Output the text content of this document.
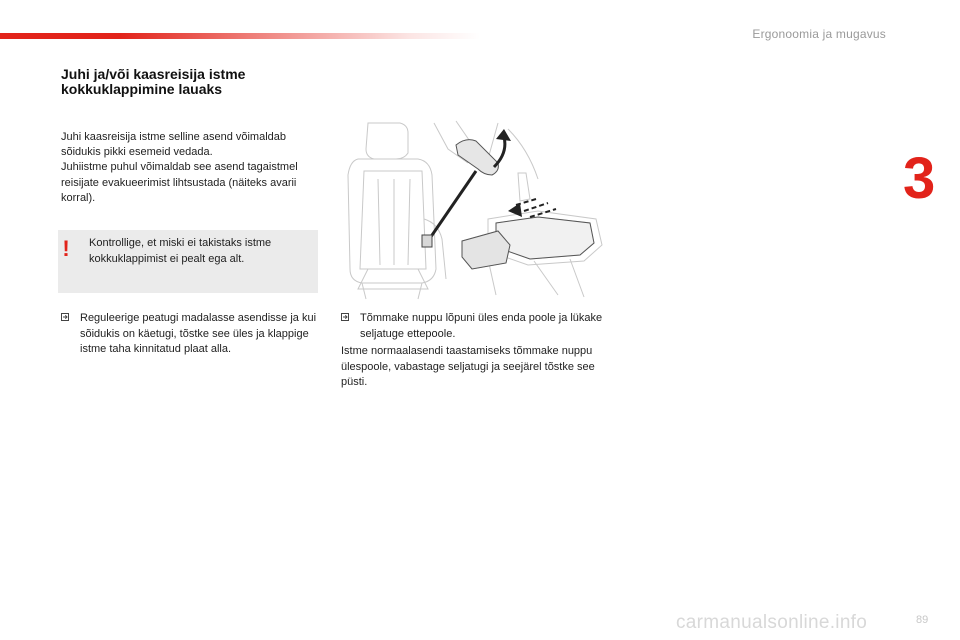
Ergonoomia ja mugavus
3
Juhi ja/või kaasreisija istme
kokkuklappimine lauaks

Juhi kaasreisija istme selline asend võimaldab sõidukis pikki esemeid vedada.

Juhiistme puhul võimaldab see asend tagaistmel reisijate evakueerimist lihtsustada (näiteks avarii korral).

! Kontrollige, et miski ei takistaks istme kokkuklappimist ei pealt ega alt.
Reguleerige peatugi madalasse asendisse ja kui sõidukis on käetugi, tõstke see üles ja klappige istme taha kinnitatud plaat alla.
Tõmmake nuppu lõpuni üles enda poole ja lükake seljatuge ettepoole.
Istme normaalasendi taastamiseks tõmmake nuppu ülespoole, vabastage seljatugi ja seejärel tõstke see püsti.
carmanualsonline.info	89
